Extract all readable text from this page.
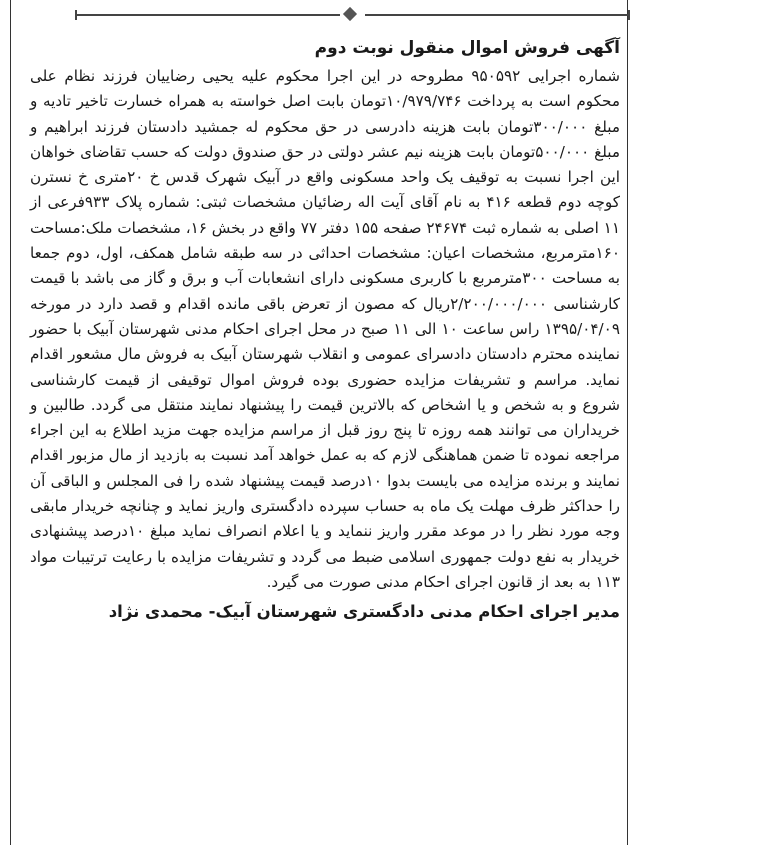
آگهی فروش اموال منقول نوبت دوم

شماره اجرایی ۹۵۰۵۹۲ مطروحه در این اجرا محکوم علیه یحیی رضاییان فرزند نظام علی محکوم است به پرداخت ۱۰/۹۷۹/۷۴۶تومان بابت اصل خواسته به همراه خسارت تاخیر تادیه و مبلغ ۳۰۰/۰۰۰تومان بابت هزینه دادرسی در حق محکوم له جمشید دادستان فرزند ابراهیم و مبلغ ۵۰۰/۰۰۰تومان بابت هزینه نیم عشر دولتی در حق صندوق دولت که حسب تقاضای خواهان این اجرا نسبت به توقیف یک واحد مسکونی واقع در آبیک شهرک قدس خ ۲۰متری خ نسترن کوچه دوم قطعه ۴۱۶ به نام آقای آیت اله رضائیان مشخصات ثبتی: شماره پلاک ۹۳۳فرعی از ۱۱ اصلی به شماره ثبت ۲۴۶۷۴ صفحه ۱۵۵ دفتر ۷۷ واقع در بخش ۱۶، مشخصات ملک:مساحت ۱۶۰مترمربع، مشخصات اعیان: مشخصات احداثی در سه طبقه شامل همکف، اول، دوم جمعا به مساحت ۳۰۰مترمربع با کاربری مسکونی دارای انشعابات آب و برق و گاز می باشد با قیمت کارشناسی ۲/۲۰۰/۰۰۰/۰۰۰ریال که مصون از تعرض باقی مانده اقدام و قصد دارد در مورخه ۱۳۹۵/۰۴/۰۹ راس ساعت ۱۰ الی ۱۱ صبح در محل اجرای احکام مدنی شهرستان آبیک با حضور نماینده محترم دادستان دادسرای عمومی و انقلاب شهرستان آبیک به فروش مال مشعور اقدام نماید. مراسم و تشریفات مزایده حضوری بوده فروش اموال توقیفی از قیمت کارشناسی شروع و به شخص و یا اشخاص که بالاترین قیمت را پیشنهاد نمایند منتقل می گردد. طالبین و خریداران می توانند همه روزه تا پنج روز قبل از مراسم مزایده جهت مزید اطلاع به این اجراء مراجعه نموده تا ضمن هماهنگی لازم که به عمل خواهد آمد نسبت به بازدید از مال مزبور اقدام نمایند و برنده مزایده می بایست بدوا ۱۰درصد قیمت پیشنهاد شده را فی المجلس و الباقی آن را حداکثر ظرف مهلت یک ماه به حساب سپرده دادگستری واریز نماید و چنانچه خریدار مابقی وجه مورد نظر را در موعد مقرر واریز ننماید و یا اعلام انصراف نماید مبلغ ۱۰درصد پیشنهادی خریدار به نفع دولت جمهوری اسلامی ضبط می گردد و تشریفات مزایده با رعایت ترتیبات مواد ۱۱۳ به بعد از قانون اجرای احکام مدنی صورت می گیرد.

مدیر اجرای احکام مدنی دادگستری شهرستان آبیک- محمدی نژاد
